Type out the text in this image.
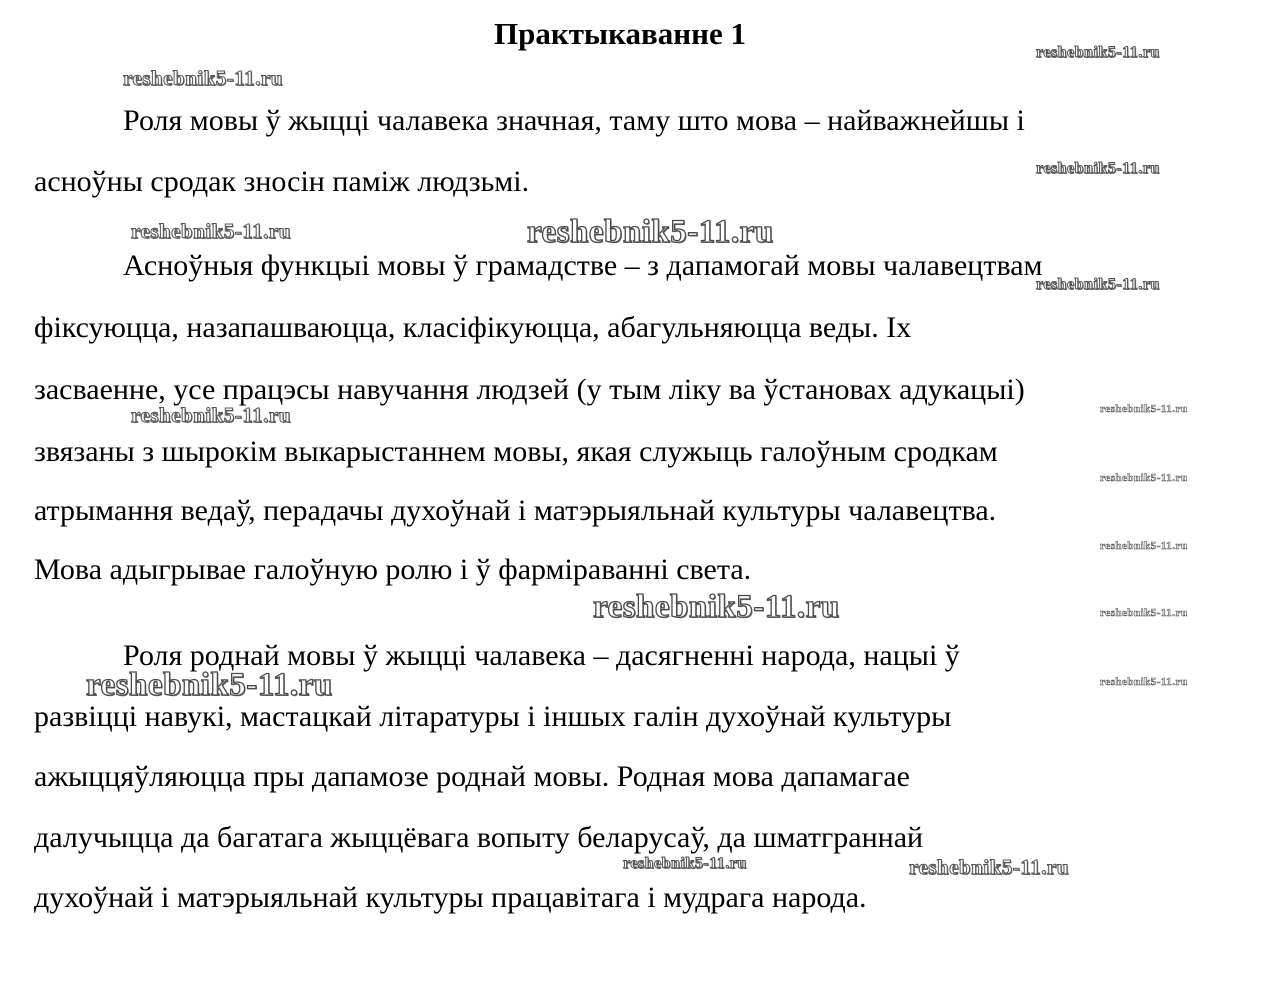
Практыкаванне 1
Роля мовы ў жыцці чалавека значная, таму што мова – найважнейшы і
асноўны сродак зносін паміж людзьмі.
Асноўныя функцыі мовы ў грамадстве – з дапамогай мовы чалавецтвам
фіксуюцца, назапашваюцца, класіфікуюцца, абагульняюцца веды. Іх
засваенне, усе працэсы навучання людзей (у тым ліку ва ўстановах адукацыі)
звязаны з шырокім выкарыстаннем мовы, якая служыць галоўным сродкам
атрымання ведаў, перадачы духоўнай і матэрыяльнай культуры чалавецтва.
Мова адыгрывае галоўную ролю і ў фарміраванні света.
Роля роднай мовы ў жыцці чалавека – дасягненні народа, нацыі ў
развіцці навукі, мастацкай літаратуры і іншых галін духоўнай культуры
ажыццяўляюцца пры дапамозе роднай мовы. Родная мова дапамагае
далучыцца да багатага жыццёвага вопыту беларусаў, да шматграннай
духоўнай і матэрыяльнай культуры працавітага і мудрага народа.
reshebnik5-11.ru
reshebnik5-11.ru
reshebnik5-11.ru
reshebnik5-11.ru	reshebnik5-11.ru
reshebnik5-11.ru
reshebnik5-11.ru	reshebnik5-11.ru
reshebnik5-11.ru
reshebnik5-11.ru
reshebnik5-11.ru	reshebnik5-11.ru
reshebnik5-11.ru	reshebnik5-11.ru
reshebnik5-11.ru	reshebnik5-11.ru
